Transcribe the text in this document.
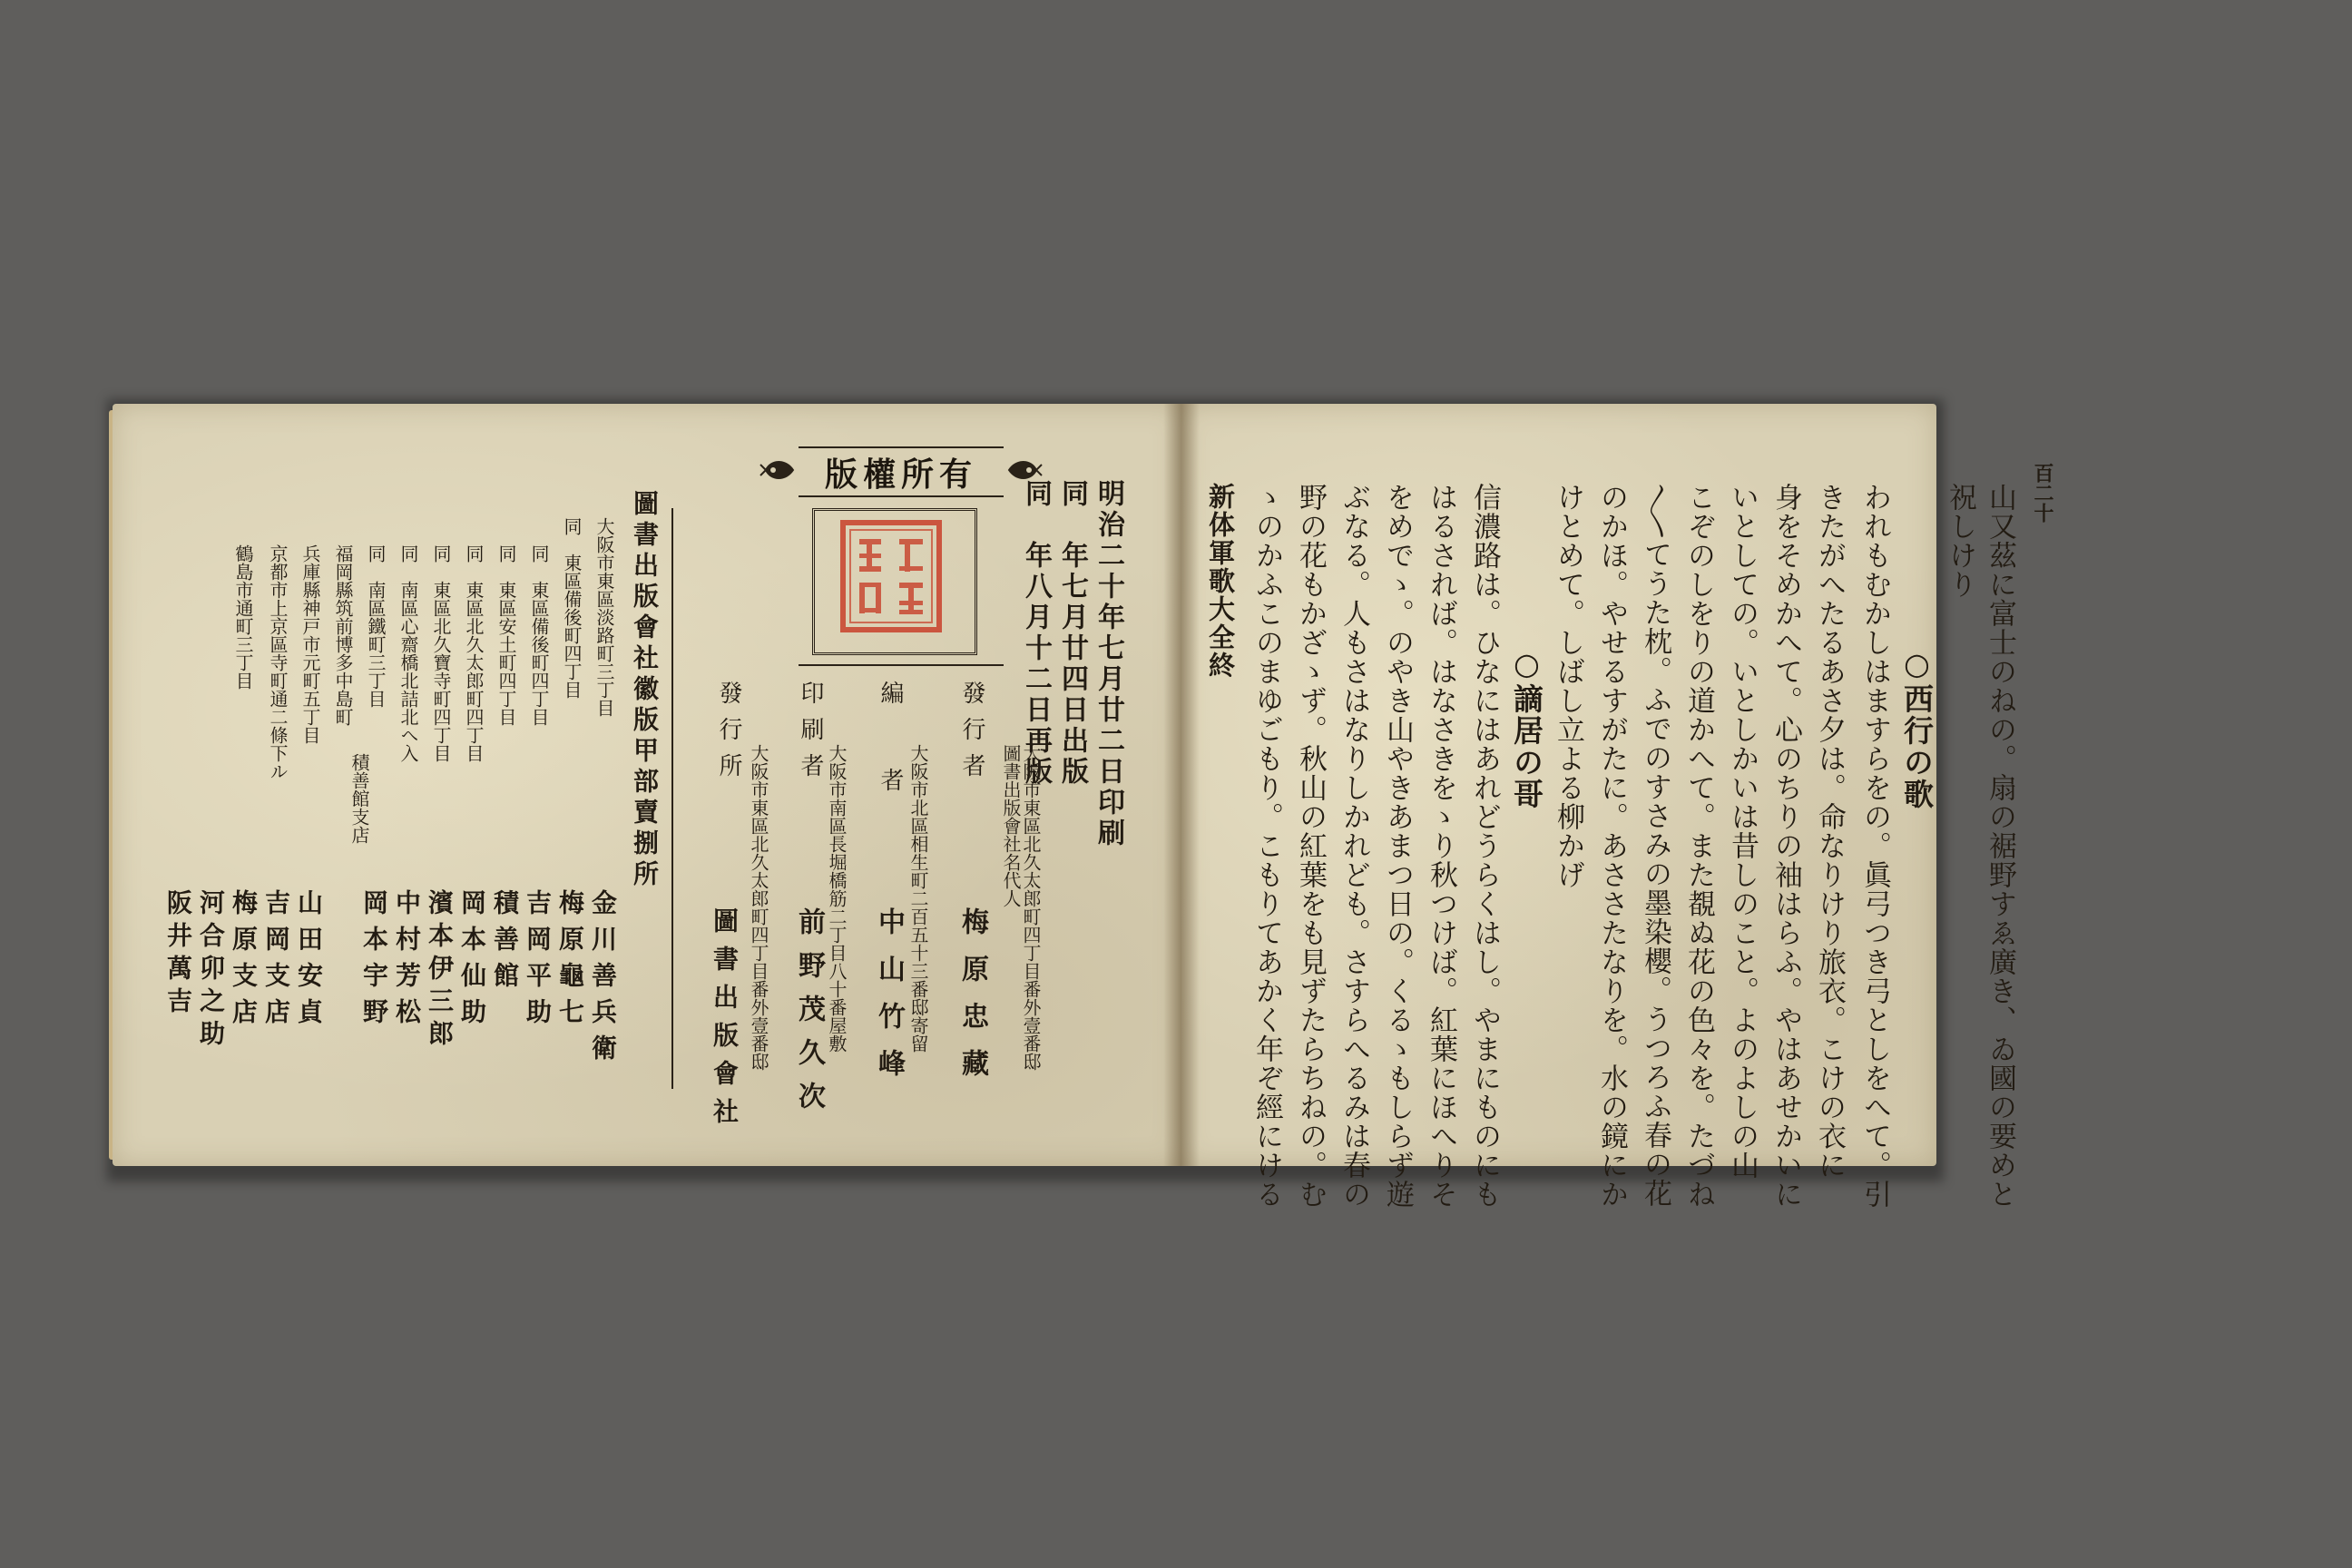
百二十
山又茲に富士のねの。扇の裾野すゑ廣き、ゐ國の要めと
祝しけり
○西行の歌
われもむかしはますらをの。眞弓つき弓としをへて。引
きたがへたるあさ夕は。命なりけり旅衣。こけの衣に
身をそめかへて。心のちりの袖はらふ。やはあせかいに
いとしての。いとしかいは昔しのこと。よのよしの山
こぞのしをりの道かへて。また覩ぬ花の色々を。たづね
〳〵てうた枕。ふでのすさみの墨染櫻。うつろふ春の花
のかほ。やせるすがたに。あささたなりを。水の鏡にか
けとめて。しばし立よる柳かげ
○謫居の哥
信濃路は。ひなにはあれどうらくはし。やまにものにも
はるされば。はなさきをゝり秋つけば。紅葉にほへりそ
をめでゝ。のやき山やきあまつ日の。くるゝもしらず遊
ぶなる。人もさはなりしかれども。さすらへるみは春の
野の花もかざゝず。秋山の紅葉をも見ずたらちねの。む
ゝのかふこのまゆごもり。こもりてあかく年ぞ經にける
新体軍歌大全終
明治二十年七月廿二日印刷
同　年七月廿四日出版
同　年八月十二日再版
版權所有
大阪市東區北久太郎町四丁目番外壹番邸
圖書出版會社名代人
發行者
梅原忠藏
大阪市北區相生町二百五十三番邸寄留
編者
中山竹峰
大阪市南區長堀橋筋二丁目八十番屋敷
印刷者
前野茂久次
大阪市東區北久太郎町四丁目番外壹番邸
發行所
圖書出版會社
圖書出版會社徽版甲部賣捌所
大阪市東區淡路町三丁目
金川善兵衛
同　東區備後町四丁目
梅原龜七
同　東區備後町四丁目
吉岡平助
同　東區安土町四丁目
積善館
同　東區北久太郎町四丁目
岡本仙助
同　東區北久寶寺町四丁目
濱本伊三郎
同　南區心齋橋北詰北へ入
中村芳松
同　南區鐵町三丁目
岡本宇野
福岡縣筑前博多中島町
積善館支店
兵庫縣神戸市元町五丁目
山田安貞
京都市上京區寺町通二條下ル
吉岡支店
梅原支店
河合卯之助
鶴島市通町三丁目
阪井萬吉
